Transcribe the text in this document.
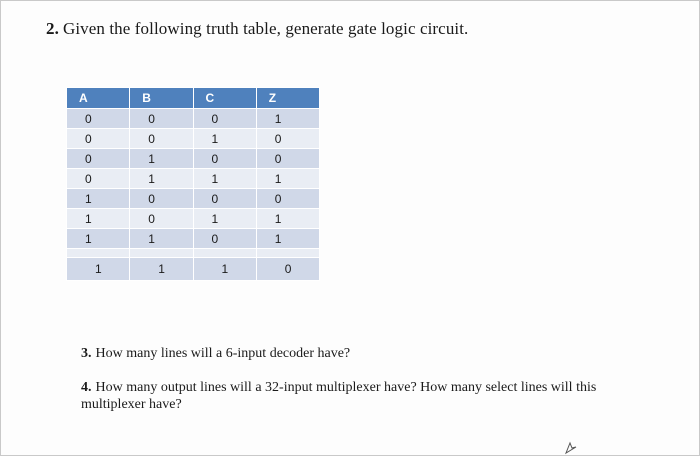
2. Given the following truth table, generate gate logic circuit.
A	B	C	Z
0	0	0	1
0	0	1	0
0	1	0	0
0	1	1	1
1	0	0	0
1	0	1	1
1	1	0	1

1	1	1	0
3. How many lines will a 6-input decoder have?
4. How many output lines will a 32-input multiplexer have? How many select lines will this multiplexer have?
